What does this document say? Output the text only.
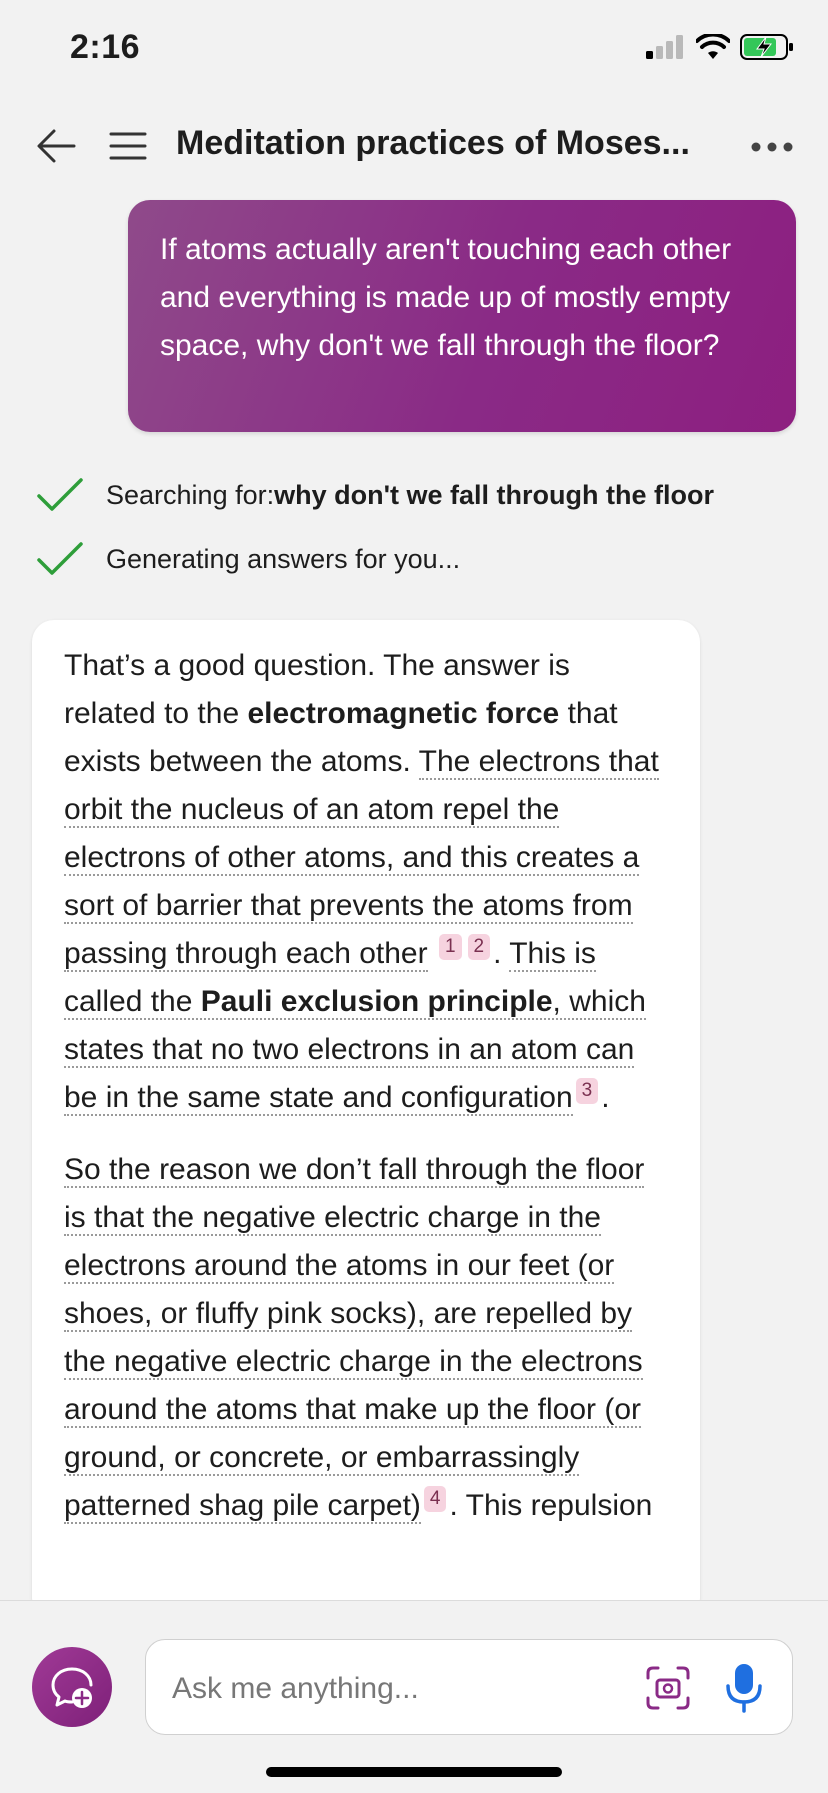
2:16
Meditation practices of Moses...
If atoms actually aren't touching each other and everything is made up of mostly empty space, why don't we fall through the floor?
Searching for: why don't we fall through the floor
Generating answers for you...

That’s a good question. The answer is related to the electromagnetic force that exists between the atoms. The electrons that orbit the nucleus of an atom repel the electrons of other atoms, and this creates a sort of barrier that prevents the atoms from passing through each other 1 2 . This is called the Pauli exclusion principle, which states that no two electrons in an atom can be in the same state and configuration 3 .

So the reason we don’t fall through the floor is that the negative electric charge in the electrons around the atoms in our feet (or shoes, or fluffy pink socks), are repelled by the negative electric charge in the electrons around the atoms that make up the floor (or ground, or concrete, or embarrassingly patterned shag pile carpet) 4 . This repulsion

Ask me anything...
